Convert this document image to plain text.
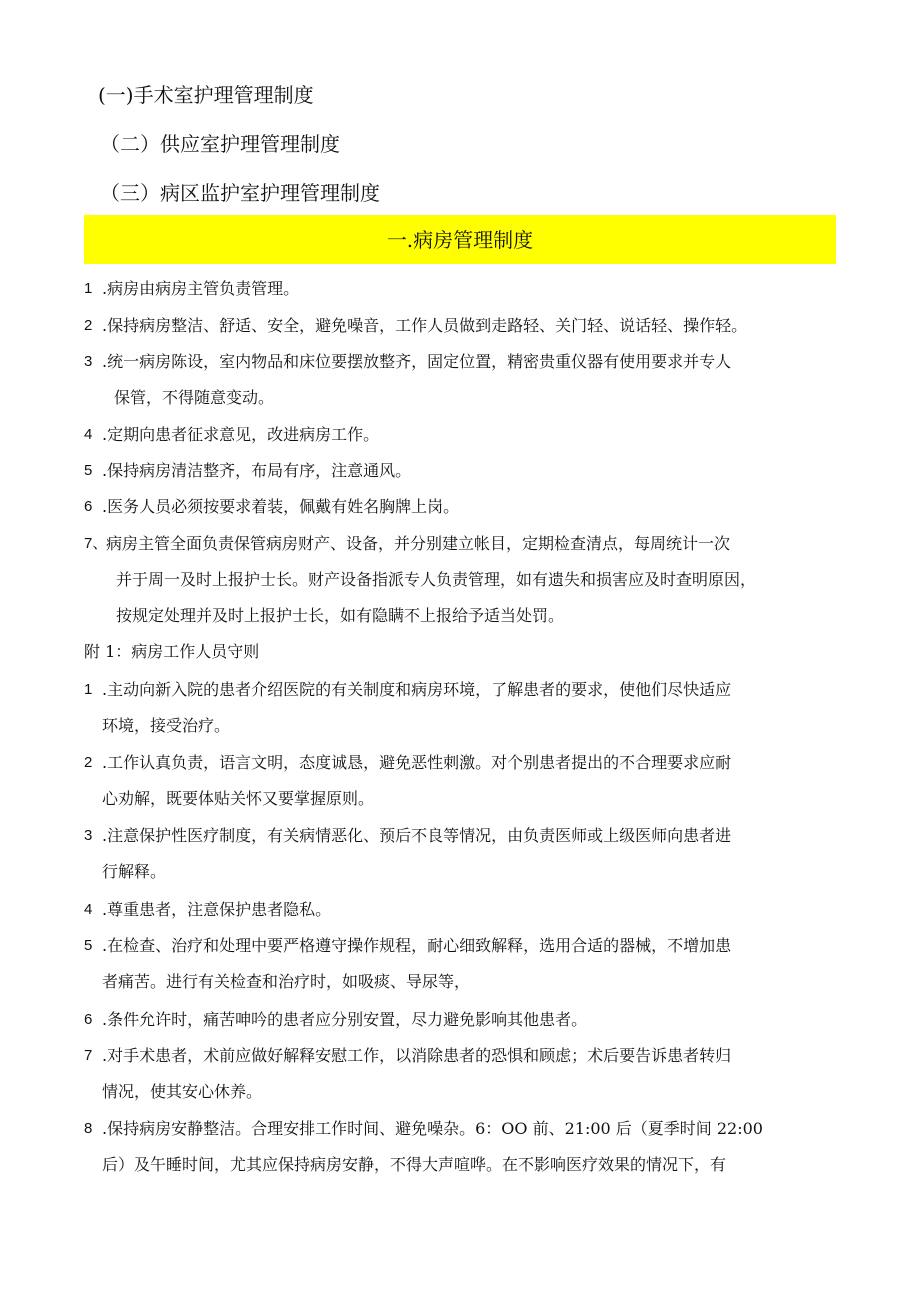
(一)手术室护理管理制度
（二）供应室护理管理制度
（三）病区监护室护理管理制度
一.病房管理制度
1 .病房由病房主管负责管理。
2 .保持病房整洁、舒适、安全，避免噪音，工作人员做到走路轻、关门轻、说话轻、操作轻。
3 .统一病房陈设，室内物品和床位要摆放整齐，固定位置，精密贵重仪器有使用要求并专人
保管，不得随意变动。
4 .定期向患者征求意见，改进病房工作。
5 .保持病房清洁整齐，布局有序，注意通风。
6 .医务人员必须按要求着装，佩戴有姓名胸牌上岗。
7、
病房主管全面负责保管病房财产、设备，并分别建立帐目，定期检查清点，每周统计一次
并于周一及时上报护士长。财产设备指派专人负责管理，如有遗失和损害应及时查明原因，
按规定处理并及时上报护士长，如有隐瞒不上报给予适当处罚。
附 1：病房工作人员守则
1 .主动向新入院的患者介绍医院的有关制度和病房环境，了解患者的要求，使他们尽快适应
环境，接受治疗。
2 .工作认真负责，语言文明，态度诚恳，避免恶性刺激。对个别患者提出的不合理要求应耐
心劝解，既要体贴关怀又要掌握原则。
3 .注意保护性医疗制度，有关病情恶化、预后不良等情况，由负责医师或上级医师向患者进
行解释。
4 .尊重患者，注意保护患者隐私。
5 .在检查、治疗和处理中要严格遵守操作规程，耐心细致解释，选用合适的器械，不增加患
者痛苦。进行有关检查和治疗时，如吸痰、导尿等，
6 .条件允许时，痛苦呻吟的患者应分别安置，尽力避免影响其他患者。
7 .对手术患者，术前应做好解释安慰工作，以消除患者的恐惧和顾虑；术后要告诉患者转归
情况，使其安心休养。
8 .保持病房安静整洁。合理安排工作时间、避免噪杂。6：OO 前、21:00 后（夏季时间 22:00
后）及午睡时间，尤其应保持病房安静，不得大声喧哗。在不影响医疗效果的情况下，有
